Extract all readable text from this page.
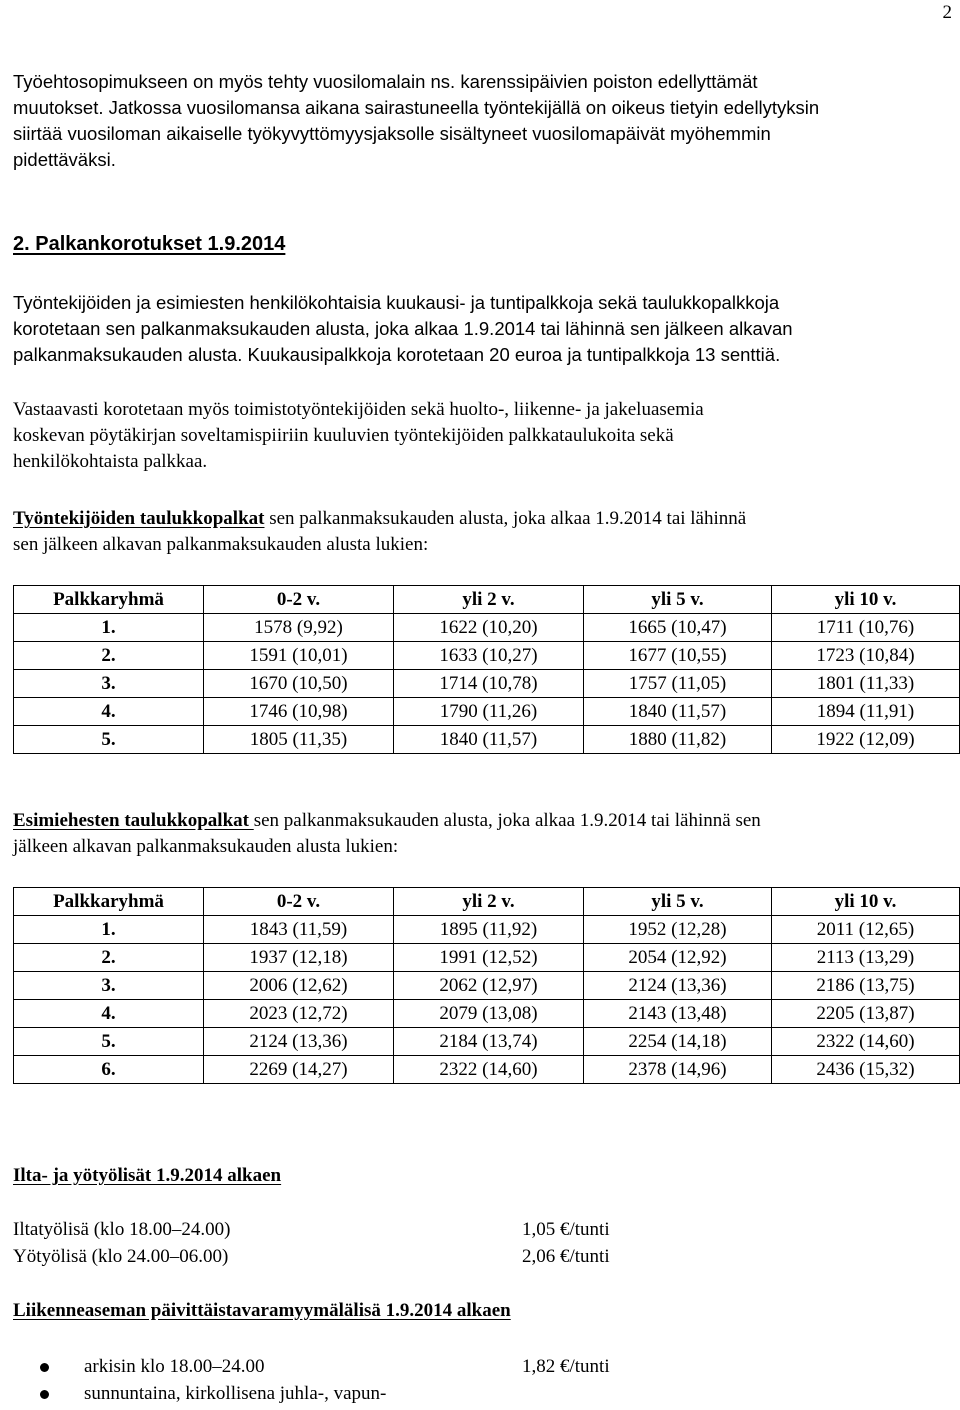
2
Työehtosopimukseen on myös tehty vuosilomalain ns. karenssipäivien poiston edellyttämät
muutokset. Jatkossa vuosilomansa aikana sairastuneella työntekijällä on oikeus tietyin edellytyksin
siirtää vuosiloman aikaiselle työkyvyttömyysjaksolle sisältyneet vuosilomapäivät myöhemmin
pidettäväksi.
2. Palkankorotukset 1.9.2014
Työntekijöiden ja esimiesten henkilökohtaisia kuukausi- ja tuntipalkkoja sekä taulukkopalkkoja
korotetaan sen palkanmaksukauden alusta, joka alkaa 1.9.2014 tai lähinnä sen jälkeen alkavan
palkanmaksukauden alusta. Kuukausipalkkoja korotetaan 20 euroa ja tuntipalkkoja 13 senttiä.
Vastaavasti korotetaan myös toimistotyöntekijöiden sekä huolto-, liikenne- ja jakeluasemia
koskevan pöytäkirjan soveltamispiiriin kuuluvien työntekijöiden palkkataulukoita sekä
henkilökohtaista palkkaa.
Työntekijöiden taulukkopalkat sen palkanmaksukauden alusta, joka alkaa 1.9.2014 tai lähinnä
sen jälkeen alkavan palkanmaksukauden alusta lukien:
Palkkaryhmä	0-2 v.	yli 2 v.	yli 5 v.	yli 10 v.
1.	1578 (9,92)	1622 (10,20)	1665 (10,47)	1711 (10,76)
2.	1591 (10,01)	1633 (10,27)	1677 (10,55)	1723 (10,84)
3.	1670 (10,50)	1714 (10,78)	1757 (11,05)	1801 (11,33)
4.	1746 (10,98)	1790 (11,26)	1840 (11,57)	1894 (11,91)
5.	1805 (11,35)	1840 (11,57)	1880 (11,82)	1922 (12,09)
Esimiehesten taulukkopalkat sen palkanmaksukauden alusta, joka alkaa 1.9.2014 tai lähinnä sen
jälkeen alkavan palkanmaksukauden alusta lukien:
Palkkaryhmä	0-2 v.	yli 2 v.	yli 5 v.	yli 10 v.
1.	1843 (11,59)	1895 (11,92)	1952 (12,28)	2011 (12,65)
2.	1937 (12,18)	1991 (12,52)	2054 (12,92)	2113 (13,29)
3.	2006 (12,62)	2062 (12,97)	2124 (13,36)	2186 (13,75)
4.	2023 (12,72)	2079 (13,08)	2143 (13,48)	2205 (13,87)
5.	2124 (13,36)	2184 (13,74)	2254 (14,18)	2322 (14,60)
6.	2269 (14,27)	2322 (14,60)	2378 (14,96)	2436 (15,32)
Ilta- ja yötyölisät 1.9.2014 alkaen
Iltatyölisä (klo 18.00–24.00)	1,05 €/tunti
Yötyölisä (klo 24.00–06.00)	2,06 €/tunti
Liikenneaseman päivittäistavaramyymälälisä 1.9.2014 alkaen
arkisin klo 18.00–24.00	1,82 €/tunti
sunnuntaina, kirkollisena juhla-, vapun-
